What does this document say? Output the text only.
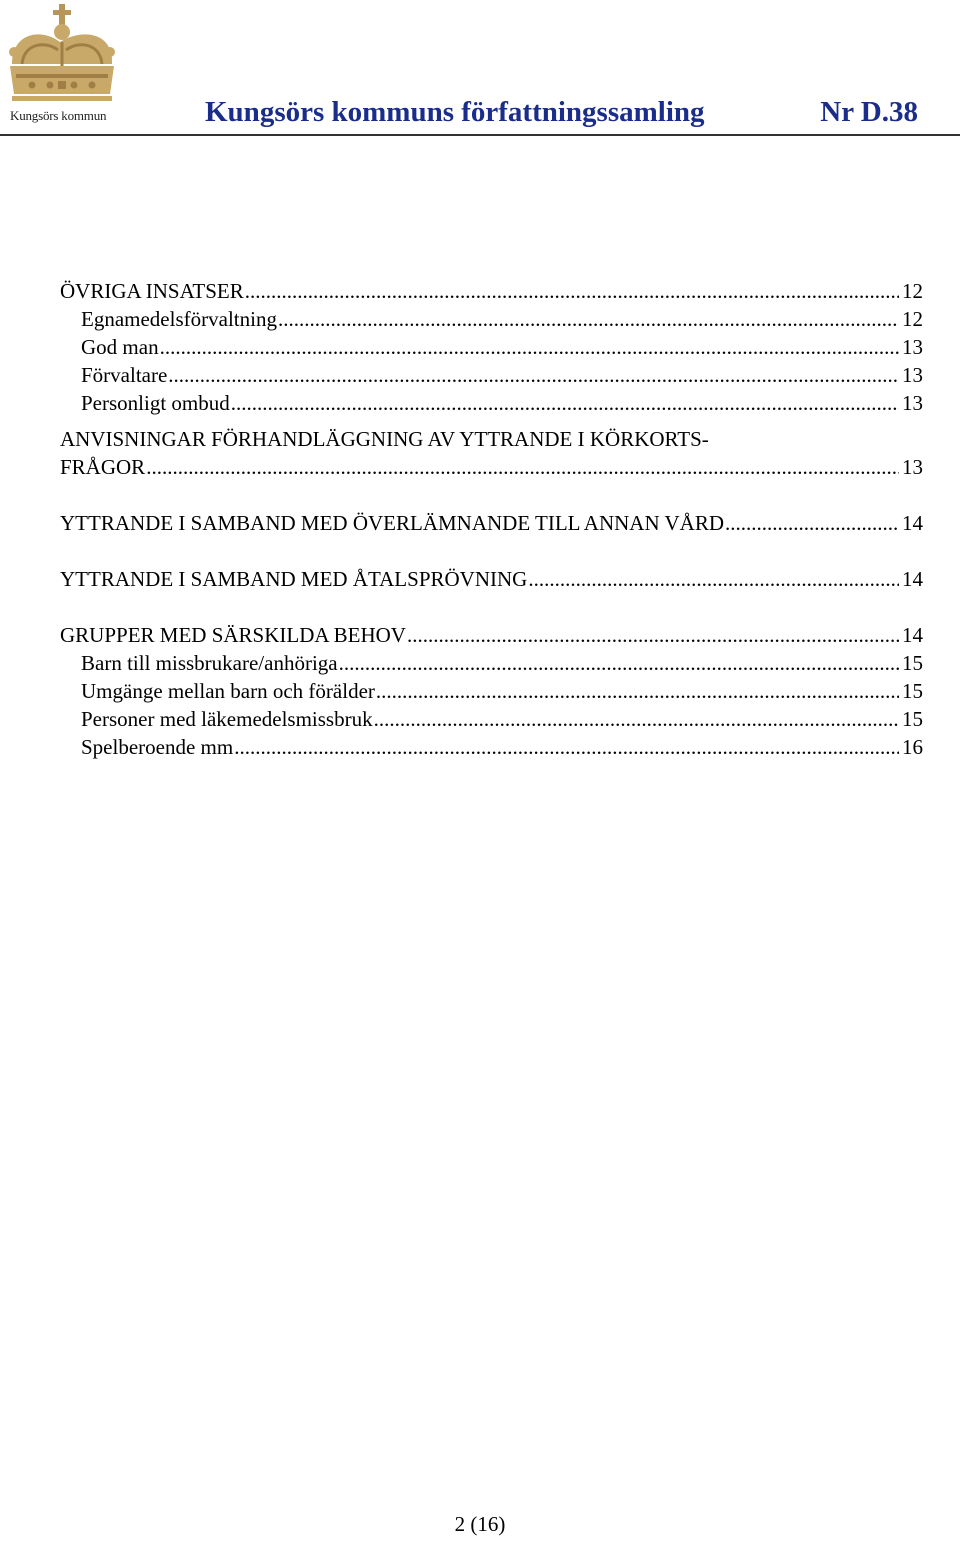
Kungsörs kommun	Kungsörs kommuns författningssamling	Nr D.38
ÖVRIGA INSATSER .....	12
Egnamedelsförvaltning .....	12
God man .....	13
Förvaltare .....	13
Personligt ombud .....	13
ANVISNINGAR FÖRHANDLÄGGNING AV YTTRANDE I KÖRKORTS-
FRÅGOR .....	13
YTTRANDE I SAMBAND MED ÖVERLÄMNANDE TILL ANNAN VÅRD .....	14
YTTRANDE I SAMBAND MED ÅTALSPRÖVNING .....	14
GRUPPER MED SÄRSKILDA BEHOV .....	14
Barn till missbrukare/anhöriga .....	15
Umgänge mellan barn och förälder .....	15
Personer med läkemedelsmissbruk .....	15
Spelberoende mm .....	16
2 (16)
